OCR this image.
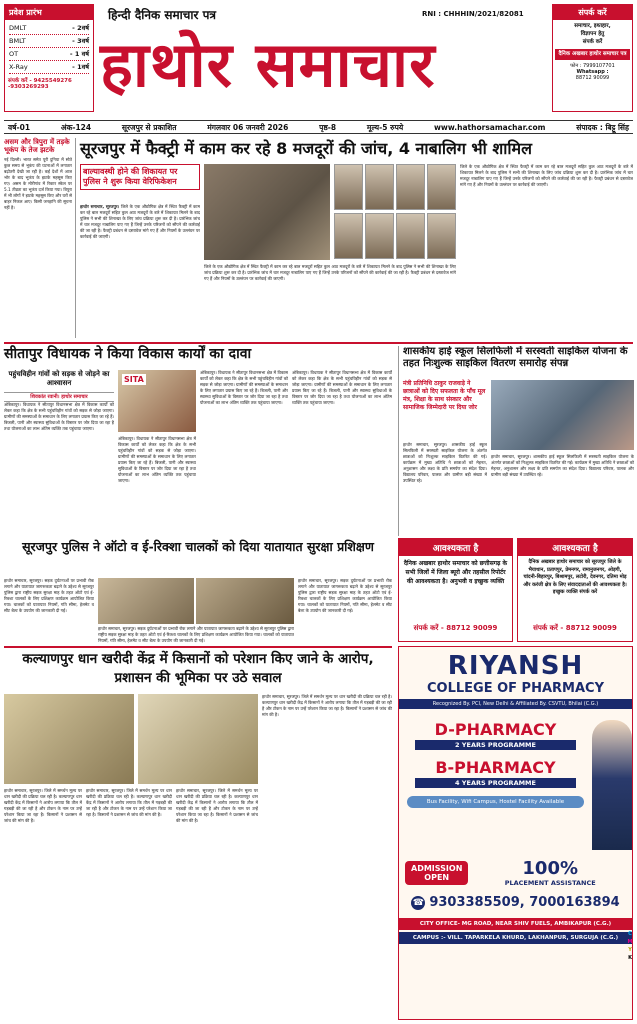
प्रवेश प्रारंभ
DMLT	- 2वर्ष
BMLT	- 3वर्ष
OT	- 1 वर्ष
X-Ray	- 1वर्ष
संपर्क करें - 9425549276
-9303269293
हिन्दी दैनिक समाचार पत्र	RNI : CHHHIN/2021/82081
हाथोर समाचार
संपर्क करें
समाचार, इश्तहार,
विज्ञापन हेतु
संपर्क करें
दैनिक अखबार हाथोर समाचार पत्र
फोन : 7999107701
Whatsapp :
88712 90099
वर्ष-01	अंक-124	सूरजपुर से प्रकाशित	मंगलवार 06 जनवरी 2026	पृष्ठ-8	मूल्य-5 रुपये	www.hathorsamachar.com	संपादक : बिट्टू सिंह
असम और त्रिपुरा में तड़के भूकंप के तेज झटके
नई दिल्ली। भारत समेत पूरी दुनिया में सोते कुछ समय से भूकंप की घटनाओं में लगातार बढ़ोतरी देखी जा रही है। कई देशों में आज भोर के बाद भूकंप के झटके महसूस किए गए। असम के मोरीगांव में रिक्टर स्केल पर 5.1 तीव्रता का भूकंप दर्ज किया गया। त्रिपुरा में भी लोगों ने झटके महसूस किए और घरों से बाहर निकल आए। किसी जनहानि की सूचना नहीं है।
सूरजपुर में फैक्ट्री में काम कर रहे 8 मजदूरों की जांच, 4 नाबालिग भी शामिल
बाल्यावस्थी होने की शिकायत पर पुलिस ने शुरू किया वेरिफिकेशन
हाथोर समाचार, सूरजपुर। जिले के एक औद्योगिक क्षेत्र में स्थित फैक्ट्री में काम कर रहे बाल मजदूरों सहित कुल आठ मजदूरों के बारे में शिकायत मिलने के बाद पुलिस ने सभी की शिनाख्त के लिए जांच प्रक्रिया शुरू कर दी है। प्रारंभिक जांच में चार मजदूर नाबालिग पाए गए हैं जिन्हें उनके परिजनों को सौंपने की कार्रवाई की जा रही है। फैक्ट्री प्रबंधन से दस्तावेज मांगे गए हैं और नियमों के उल्लंघन पर कार्रवाई की जाएगी।
जिले के एक औद्योगिक क्षेत्र में स्थित फैक्ट्री में काम कर रहे बाल मजदूरों सहित कुल आठ मजदूरों के बारे में शिकायत मिलने के बाद पुलिस ने सभी की शिनाख्त के लिए जांच प्रक्रिया शुरू कर दी है। प्रारंभिक जांच में चार मजदूर नाबालिग पाए गए हैं जिन्हें उनके परिजनों को सौंपने की कार्रवाई की जा रही है। फैक्ट्री प्रबंधन से दस्तावेज मांगे गए हैं और नियमों के उल्लंघन पर कार्रवाई की जाएगी।
जिले के एक औद्योगिक क्षेत्र में स्थित फैक्ट्री में काम कर रहे बाल मजदूरों सहित कुल आठ मजदूरों के बारे में शिकायत मिलने के बाद पुलिस ने सभी की शिनाख्त के लिए जांच प्रक्रिया शुरू कर दी है। प्रारंभिक जांच में चार मजदूर नाबालिग पाए गए हैं जिन्हें उनके परिजनों को सौंपने की कार्रवाई की जा रही है। फैक्ट्री प्रबंधन से दस्तावेज मांगे गए हैं और नियमों के उल्लंघन पर कार्रवाई की जाएगी।
सीतापुर विधायक ने किया विकास कार्यों का दावा
पहुंचविहीन गांवों को सड़क से जोड़ने का आश्वासन
शिवकांत रवानी। हाथोर समाचार
SITA
अंबिकापुर। विधायक ने सीतापुर विधानसभा क्षेत्र में विकास कार्यों को लेकर कहा कि क्षेत्र के सभी पहुंचविहीन गांवों को सड़क से जोड़ा जाएगा। ग्रामीणों की समस्याओं के समाधान के लिए लगातार प्रयास किए जा रहे हैं। बिजली, पानी और स्वास्थ्य सुविधाओं के विस्तार पर जोर दिया जा रहा है तथा योजनाओं का लाभ अंतिम व्यक्ति तक पहुंचाया जाएगा।
अंबिकापुर। विधायक ने सीतापुर विधानसभा क्षेत्र में विकास कार्यों को लेकर कहा कि क्षेत्र के सभी पहुंचविहीन गांवों को सड़क से जोड़ा जाएगा। ग्रामीणों की समस्याओं के समाधान के लिए लगातार प्रयास किए जा रहे हैं। बिजली, पानी और स्वास्थ्य सुविधाओं के विस्तार पर जोर दिया जा रहा है तथा योजनाओं का लाभ अंतिम व्यक्ति तक पहुंचाया जाएगा।
अंबिकापुर। विधायक ने सीतापुर विधानसभा क्षेत्र में विकास कार्यों को लेकर कहा कि क्षेत्र के सभी पहुंचविहीन गांवों को सड़क से जोड़ा जाएगा। ग्रामीणों की समस्याओं के समाधान के लिए लगातार प्रयास किए जा रहे हैं। बिजली, पानी और स्वास्थ्य सुविधाओं के विस्तार पर जोर दिया जा रहा है तथा योजनाओं का लाभ अंतिम व्यक्ति तक पहुंचाया जाएगा।
अंबिकापुर। विधायक ने सीतापुर विधानसभा क्षेत्र में विकास कार्यों को लेकर कहा कि क्षेत्र के सभी पहुंचविहीन गांवों को सड़क से जोड़ा जाएगा। ग्रामीणों की समस्याओं के समाधान के लिए लगातार प्रयास किए जा रहे हैं। बिजली, पानी और स्वास्थ्य सुविधाओं के विस्तार पर जोर दिया जा रहा है तथा योजनाओं का लाभ अंतिम व्यक्ति तक पहुंचाया जाएगा।
शासकीय हाई स्कूल सिलफिली में सरस्वती साइकिल योजना के तहत निःशुल्क साइकिल वितरण समारोह संपन्न
मंत्री प्रतिनिधि ठाकुर राजवाड़े ने छात्राओं को दिए सफलता के पाँच मूल मंत्र, शिक्षा के साथ संस्कार और सामाजिक जिम्मेदारी पर दिया जोर
हाथोर समाचार, सूरजपुर। शासकीय हाई स्कूल सिलफिली में सरस्वती साइकिल योजना के अंतर्गत छात्राओं को निःशुल्क साइकिल वितरित की गई। कार्यक्रम में मुख्य अतिथि ने छात्राओं को मेहनत, अनुशासन और लक्ष्य के प्रति समर्पण का संदेश दिया। विद्यालय परिवार, पालक और ग्रामीण बड़ी संख्या में उपस्थित रहे।
हाथोर समाचार, सूरजपुर। शासकीय हाई स्कूल सिलफिली में सरस्वती साइकिल योजना के अंतर्गत छात्राओं को निःशुल्क साइकिल वितरित की गई। कार्यक्रम में मुख्य अतिथि ने छात्राओं को मेहनत, अनुशासन और लक्ष्य के प्रति समर्पण का संदेश दिया। विद्यालय परिवार, पालक और ग्रामीण बड़ी संख्या में उपस्थित रहे।
सूरजपुर पुलिस ने ऑटो व ई-रिक्शा चालकों को दिया यातायात सुरक्षा प्रशिक्षण
हाथोर समाचार, सूरजपुर। सड़क दुर्घटनाओं पर प्रभावी रोक लगाने और यातायात जागरूकता बढ़ाने के उद्देश्य से सूरजपुर पुलिस द्वारा राष्ट्रीय सड़क सुरक्षा माह के तहत ऑटो एवं ई-रिक्शा चालकों के लिए प्रशिक्षण कार्यक्रम आयोजित किया गया। चालकों को यातायात नियमों, गति सीमा, हेलमेट व सीट बेल्ट के उपयोग की जानकारी दी गई।
हाथोर समाचार, सूरजपुर। सड़क दुर्घटनाओं पर प्रभावी रोक लगाने और यातायात जागरूकता बढ़ाने के उद्देश्य से सूरजपुर पुलिस द्वारा राष्ट्रीय सड़क सुरक्षा माह के तहत ऑटो एवं ई-रिक्शा चालकों के लिए प्रशिक्षण कार्यक्रम आयोजित किया गया। चालकों को यातायात नियमों, गति सीमा, हेलमेट व सीट बेल्ट के उपयोग की जानकारी दी गई।
हाथोर समाचार, सूरजपुर। सड़क दुर्घटनाओं पर प्रभावी रोक लगाने और यातायात जागरूकता बढ़ाने के उद्देश्य से सूरजपुर पुलिस द्वारा राष्ट्रीय सड़क सुरक्षा माह के तहत ऑटो एवं ई-रिक्शा चालकों के लिए प्रशिक्षण कार्यक्रम आयोजित किया गया। चालकों को यातायात नियमों, गति सीमा, हेलमेट व सीट बेल्ट के उपयोग की जानकारी दी गई।
आवश्यकता है
दैनिक अखबार हाथोर समाचार को छत्तीसगढ़ के सभी जिलों में जिला ब्यूरो और तहसील रिपोर्टर की आवश्यकता है। अनुभवी व इच्छुक व्यक्ति
संपर्क करें - 88712 90099
आवश्यकता है
दैनिक अखबार हाथोर समाचार को सूरजपुर जिले के भैयाथान, प्रतापपुर, प्रेमनगर, रामानुजनगर, ओड़गी, चांदनी-बिहारपुर, बिश्रामपुर, लटोरी, देवनगर, दतिमा मोड़ और करंजी क्षेत्र के लिए संवाददाताओं की आवश्यकता है। इच्छुक व्यक्ति संपर्क करें
संपर्क करें - 88712 90099
कल्याणपुर धान खरीदी केंद्र में किसानों को परेशान किए जाने के आरोप, प्रशासन की भूमिका पर उठे सवाल
हाथोर समाचार, सूरजपुर। जिले में समर्थन मूल्य पर धान खरीदी की प्रक्रिया चल रही है। कल्याणपुर धान खरीदी केंद्र में किसानों ने आरोप लगाया कि तौल में गड़बड़ी की जा रही है और टोकन के नाम पर उन्हें परेशान किया जा रहा है। किसानों ने प्रशासन से जांच की मांग की है।
हाथोर समाचार, सूरजपुर। जिले में समर्थन मूल्य पर धान खरीदी की प्रक्रिया चल रही है। कल्याणपुर धान खरीदी केंद्र में किसानों ने आरोप लगाया कि तौल में गड़बड़ी की जा रही है और टोकन के नाम पर उन्हें परेशान किया जा रहा है। किसानों ने प्रशासन से जांच की मांग की है।
हाथोर समाचार, सूरजपुर। जिले में समर्थन मूल्य पर धान खरीदी की प्रक्रिया चल रही है। कल्याणपुर धान खरीदी केंद्र में किसानों ने आरोप लगाया कि तौल में गड़बड़ी की जा रही है और टोकन के नाम पर उन्हें परेशान किया जा रहा है। किसानों ने प्रशासन से जांच की मांग की है।
हाथोर समाचार, सूरजपुर। जिले में समर्थन मूल्य पर धान खरीदी की प्रक्रिया चल रही है। कल्याणपुर धान खरीदी केंद्र में किसानों ने आरोप लगाया कि तौल में गड़बड़ी की जा रही है और टोकन के नाम पर उन्हें परेशान किया जा रहा है। किसानों ने प्रशासन से जांच की मांग की है।
RIYANSH
COLLEGE OF PHARMACY
Recognized By. PCI, New Delhi & Affiliated By. CSVTU, Bhilai (C.G.)
D-PHARMACY
2 YEARS PROGRAMME
B-PHARMACY
4 YEARS PROGRAMME
Bus Facility, Wifi Campus, Hostel Facility Available
ADMISSION
OPEN	100%
PLACEMENT ASSISTANCE
☎ 9303385509, 7000163894
CITY OFFICE- MG ROAD, NEAR SHIV FUELS, AMBIKAPUR (C.G.)
CAMPUS :- VILL. TAPARKELA KHURD, LAKHANPUR, SURGUJA (C.G.)
C
M
Y
K
